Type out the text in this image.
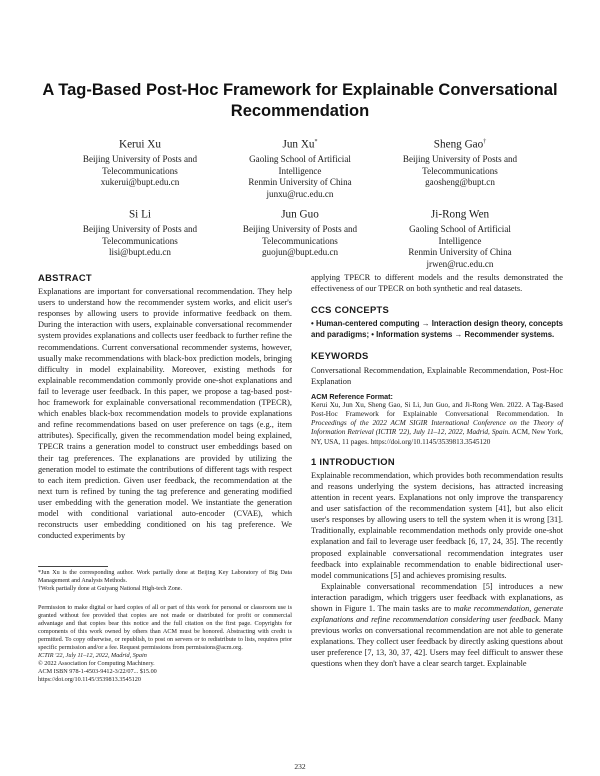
A Tag-Based Post-Hoc Framework for Explainable Conversational Recommendation
Kerui Xu
Beijing University of Posts and
Telecommunications
xukerui@bupt.edu.cn
Jun Xu*
Gaoling School of Artificial
Intelligence
Renmin University of China
junxu@ruc.edu.cn
Sheng Gao†
Beijing University of Posts and
Telecommunications
gaosheng@bupt.cn
Si Li
Beijing University of Posts and
Telecommunications
lisi@bupt.edu.cn
Jun Guo
Beijing University of Posts and
Telecommunications
guojun@bupt.edu.cn
Ji-Rong Wen
Gaoling School of Artificial
Intelligence
Renmin University of China
jrwen@ruc.edu.cn
ABSTRACT

Explanations are important for conversational recommendation. They help users to understand how the recommender system works, and elicit user's responses by allowing users to provide informative feedback on them. During the interaction with users, explainable conversational recommender system provides explanations and collects user feedback to further refine the recommendations. Current conversational recommender systems, however, usually make recommendations with black-box prediction models, bringing difficulty in model explainability. Moreover, existing methods for explainable recommendation commonly provide one-shot explanations and fail to leverage user feedback. In this paper, we propose a tag-based post-hoc framework for explainable conversational recommendation (TPECR), which enables black-box recommendation models to provide explanations and refine recommendations based on user preference on tags (e.g., item attributes). Specifically, given the recommendation model being explained, TPECR trains a generation model to construct user embeddings based on their tag preferences. The explanations are provided by utilizing the generation model to estimate the contributions of different tags with respect to each item prediction. Given user feedback, the recommendation at the next turn is refined by tuning the tag preference and generating modified user embedding with the generation model. We instantiate the generation model with conditional variational auto-encoder (CVAE), which reconstructs user embedding conditioned on his tag preference. We conducted experiments by

*Jun Xu is the corresponding author. Work partially done at Beijing Key Laboratory of Big Data Management and Analysis Methods.

†Work partially done at Guiyang National High-tech Zone.

Permission to make digital or hard copies of all or part of this work for personal or classroom use is granted without fee provided that copies are not made or distributed for profit or commercial advantage and that copies bear this notice and the full citation on the first page. Copyrights for components of this work owned by others than ACM must be honored. Abstracting with credit is permitted. To copy otherwise, or republish, to post on servers or to redistribute to lists, requires prior specific permission and/or a fee. Request permissions from permissions@acm.org.

ICTIR '22, July 11–12, 2022, Madrid, Spain

© 2022 Association for Computing Machinery.

ACM ISBN 978-1-4503-9412-3/22/07... $15.00

https://doi.org/10.1145/3539813.3545120

applying TPECR to different models and the results demonstrated the effectiveness of our TPECR on both synthetic and real datasets.

CCS CONCEPTS

• Human-centered computing → Interaction design theory, concepts and paradigms; • Information systems → Recommender systems.

KEYWORDS

Conversational Recommendation, Explainable Recommendation, Post-Hoc Explanation

ACM Reference Format:

Kerui Xu, Jun Xu, Sheng Gao, Si Li, Jun Guo, and Ji-Rong Wen. 2022. A Tag-Based Post-Hoc Framework for Explainable Conversational Recommendation. In Proceedings of the 2022 ACM SIGIR International Conference on the Theory of Information Retrieval (ICTIR '22), July 11–12, 2022, Madrid, Spain. ACM, New York, NY, USA, 11 pages. https://doi.org/10.1145/3539813.3545120

1 INTRODUCTION

Explainable recommendation, which provides both recommendation results and reasons underlying the system decisions, has attracted increasing attention in recent years. Explanations not only improve the transparency and user satisfaction of the recommendation system [41], but also elicit user's responses by allowing users to tell the system when it is wrong [31]. Traditionally, explainable recommendation methods only provide one-shot explanation and fail to leverage user feedback [6, 17, 24, 35]. The recently proposed explainable conversational recommendation integrates user feedback into explainable recommendation to enable bidirectional user-model communications [5] and achieves promising results.

Explainable conversational recommendation [5] introduces a new interaction paradigm, which triggers user feedback with explanations, as shown in Figure 1. The main tasks are to make recommendation, generate explanations and refine recommendation considering user feedback. Many previous works on conversational recommendation are not able to generate explanations. They collect user feedback by directly asking questions about user preference [7, 13, 30, 37, 42]. Users may feel difficult to answer these questions when they don't have a clear search target. Explainable

232
